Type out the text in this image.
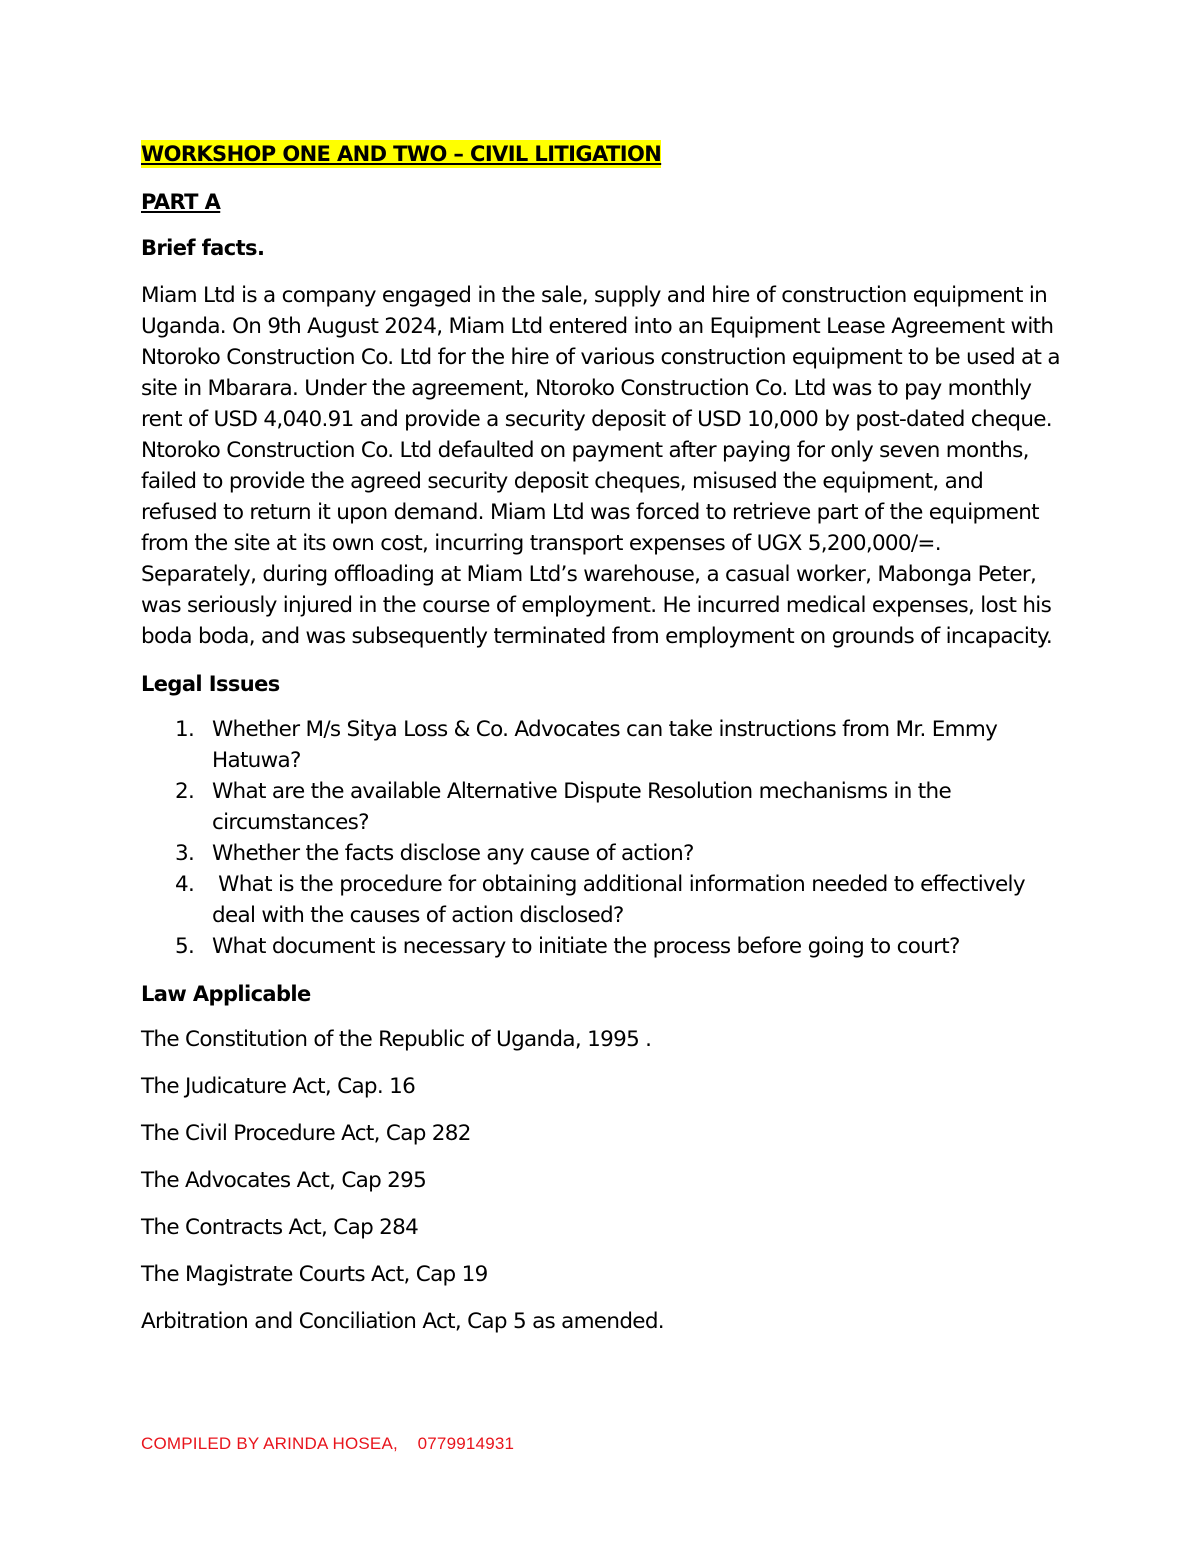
WORKSHOP ONE AND TWO – CIVIL LITIGATION
PART A
Brief facts.
Miam Ltd is a company engaged in the sale, supply and hire of construction equipment in Uganda. On 9th August 2024, Miam Ltd entered into an Equipment Lease Agreement with Ntoroko Construction Co. Ltd for the hire of various construction equipment to be used at a site in Mbarara. Under the agreement, Ntoroko Construction Co. Ltd was to pay monthly rent of USD 4,040.91 and provide a security deposit of USD 10,000 by post-dated cheque. Ntoroko Construction Co. Ltd defaulted on payment after paying for only seven months, failed to provide the agreed security deposit cheques, misused the equipment, and refused to return it upon demand. Miam Ltd was forced to retrieve part of the equipment from the site at its own cost, incurring transport expenses of UGX 5,200,000/=. Separately, during offloading at Miam Ltd’s warehouse, a casual worker, Mabonga Peter, was seriously injured in the course of employment. He incurred medical expenses, lost his boda boda, and was subsequently terminated from employment on grounds of incapacity.
Legal Issues
1. Whether M/s Sitya Loss & Co. Advocates can take instructions from Mr. Emmy Hatuwa?
2. What are the available Alternative Dispute Resolution mechanisms in the circumstances?
3. Whether the facts disclose any cause of action?
4. What is the procedure for obtaining additional information needed to effectively deal with the causes of action disclosed?
5. What document is necessary to initiate the process before going to court?
Law Applicable
The Constitution of the Republic of Uganda, 1995 .
The Judicature Act, Cap. 16
The Civil Procedure Act, Cap 282
The Advocates Act, Cap 295
The Contracts Act, Cap 284
The Magistrate Courts Act, Cap 19
Arbitration and Conciliation Act, Cap 5 as amended.
COMPILED BY ARINDA HOSEA,    0779914931
